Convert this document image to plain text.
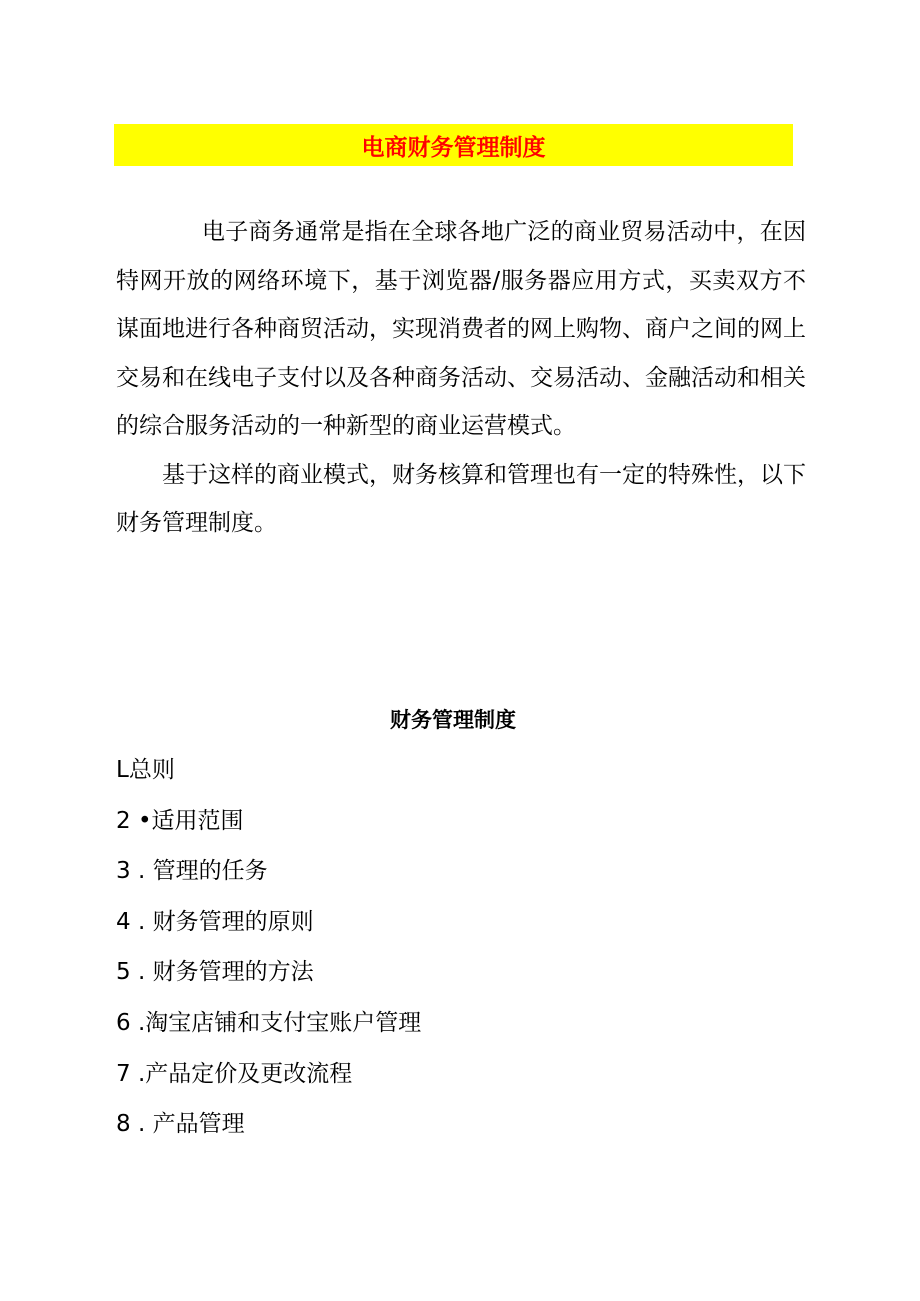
电商财务管理制度

电子商务通常是指在全球各地广泛的商业贸易活动中，在因特网开放的网络环境下，基于浏览器/服务器应用方式，买卖双方不谋面地进行各种商贸活动，实现消费者的网上购物、商户之间的网上交易和在线电子支付以及各种商务活动、交易活动、金融活动和相关的综合服务活动的一种新型的商业运营模式。

基于这样的商业模式，财务核算和管理也有一定的特殊性，以下财务管理制度。

财务管理制度
L总则
2 •适用范围
3 . 管理的任务
4 . 财务管理的原则
5 . 财务管理的方法
6 .淘宝店铺和支付宝账户管理
7 .产品定价及更改流程
8 . 产品管理
